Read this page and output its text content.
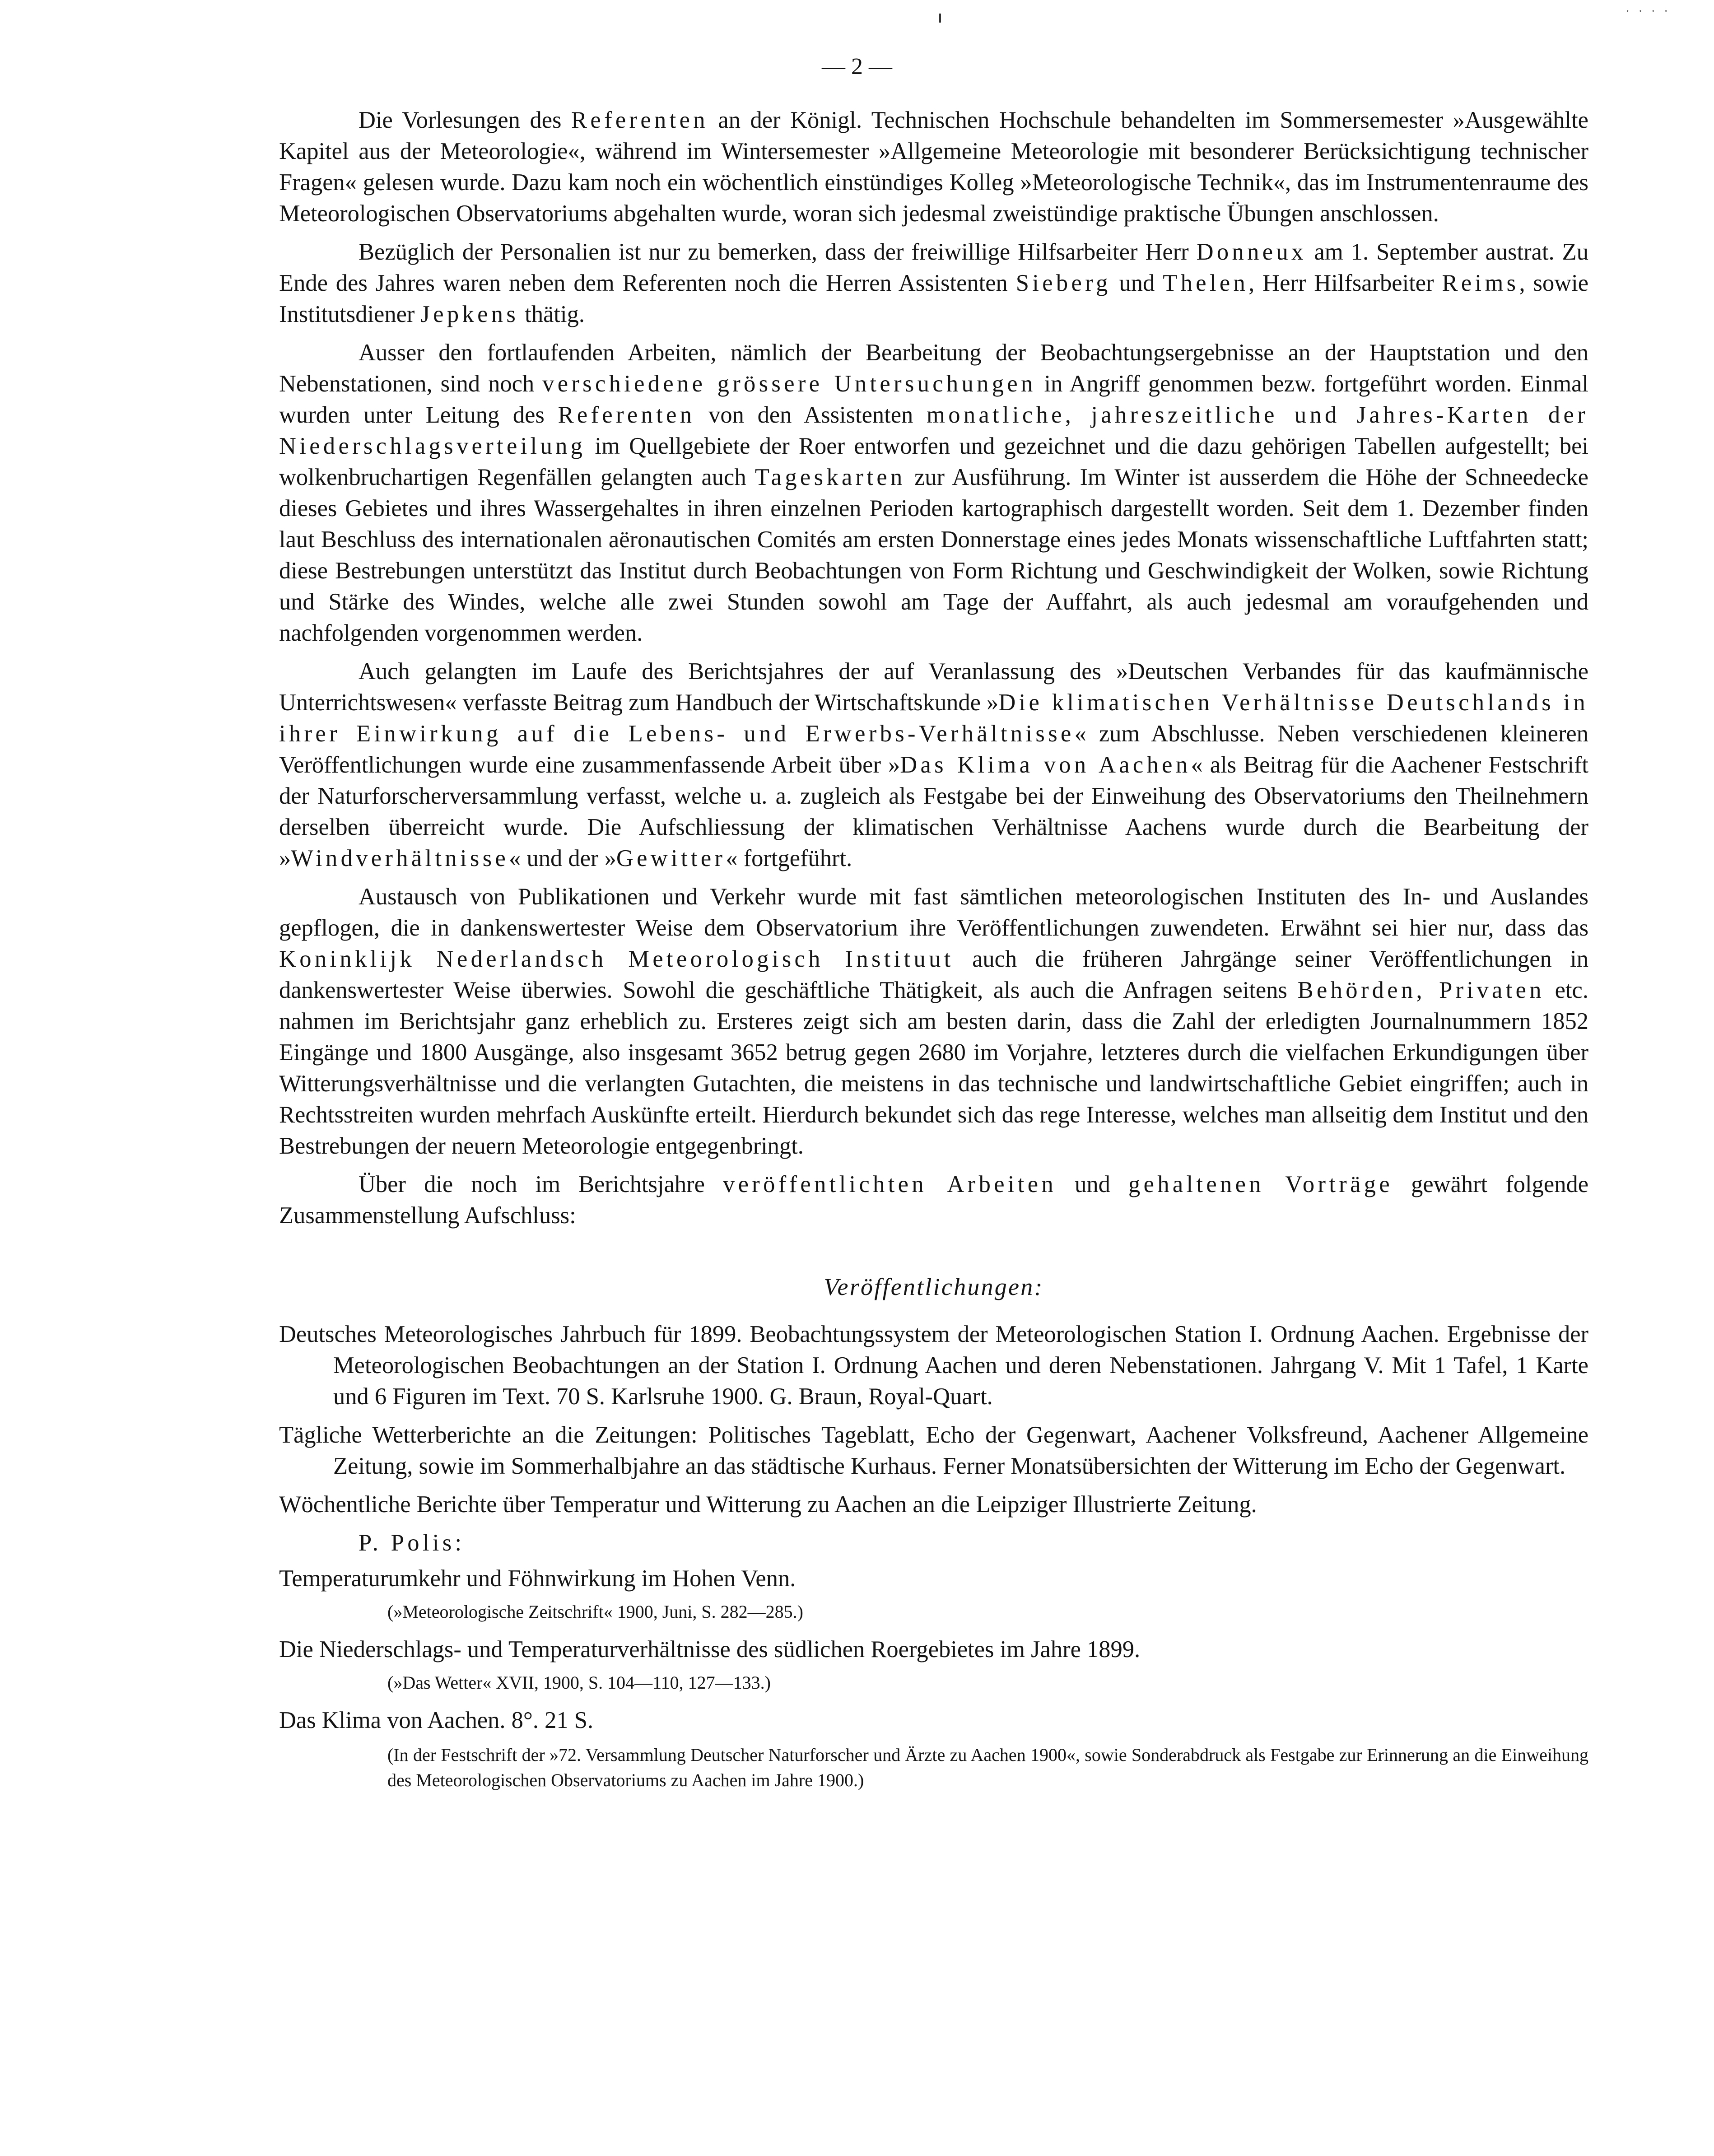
· · · ·
— 2 —

Die Vorlesungen des Referenten an der Königl. Technischen Hochschule behandelten im Sommersemester »Ausgewählte Kapitel aus der Meteorologie«, während im Wintersemester »Allgemeine Meteorologie mit besonderer Berücksichtigung technischer Fragen« gelesen wurde. Dazu kam noch ein wöchentlich einstündiges Kolleg »Meteorologische Technik«, das im Instrumentenraume des Meteorologischen Observatoriums abgehalten wurde, woran sich jedesmal zweistündige praktische Übungen anschlossen.

Bezüglich der Personalien ist nur zu bemerken, dass der freiwillige Hilfsarbeiter Herr Donneux am 1. September austrat. Zu Ende des Jahres waren neben dem Referenten noch die Herren Assistenten Sieberg und Thelen, Herr Hilfsarbeiter Reims, sowie Institutsdiener Jepkens thätig.

Ausser den fortlaufenden Arbeiten, nämlich der Bearbeitung der Beobachtungsergebnisse an der Hauptstation und den Nebenstationen, sind noch verschiedene grössere Untersuchungen in Angriff genommen bezw. fortgeführt worden. Einmal wurden unter Leitung des Referenten von den Assistenten monatliche, jahreszeitliche und Jahres-Karten der Niederschlagsverteilung im Quellgebiete der Roer entworfen und gezeichnet und die dazu gehörigen Tabellen aufgestellt; bei wolkenbruchartigen Regenfällen gelangten auch Tageskarten zur Ausführung. Im Winter ist ausserdem die Höhe der Schneedecke dieses Gebietes und ihres Wassergehaltes in ihren einzelnen Perioden kartographisch dargestellt worden. Seit dem 1. Dezember finden laut Beschluss des internationalen aëronautischen Comités am ersten Donnerstage eines jedes Monats wissenschaftliche Luftfahrten statt; diese Bestrebungen unterstützt das Institut durch Beobachtungen von Form Richtung und Geschwindigkeit der Wolken, sowie Richtung und Stärke des Windes, welche alle zwei Stunden sowohl am Tage der Auffahrt, als auch jedesmal am voraufgehenden und nachfolgenden vorgenommen werden.

Auch gelangten im Laufe des Berichtsjahres der auf Veranlassung des »Deutschen Verbandes für das kaufmännische Unterrichtswesen« verfasste Beitrag zum Handbuch der Wirtschaftskunde »Die klimatischen Verhältnisse Deutschlands in ihrer Einwirkung auf die Lebens- und Erwerbs-Verhältnisse« zum Abschlusse. Neben verschiedenen kleineren Veröffentlichungen wurde eine zusammenfassende Arbeit über »Das Klima von Aachen« als Beitrag für die Aachener Festschrift der Naturforscherversammlung verfasst, welche u. a. zugleich als Festgabe bei der Einweihung des Observatoriums den Theilnehmern derselben überreicht wurde. Die Aufschliessung der klimatischen Verhältnisse Aachens wurde durch die Bearbeitung der »Windverhältnisse« und der »Gewitter« fortgeführt.

Austausch von Publikationen und Verkehr wurde mit fast sämtlichen meteorologischen Instituten des In- und Auslandes gepflogen, die in dankenswertester Weise dem Observatorium ihre Veröffentlichungen zuwendeten. Erwähnt sei hier nur, dass das Koninklijk Nederlandsch Meteorologisch Instituut auch die früheren Jahrgänge seiner Veröffentlichungen in dankenswertester Weise überwies. Sowohl die geschäftliche Thätigkeit, als auch die Anfragen seitens Behörden, Privaten etc. nahmen im Berichtsjahr ganz erheblich zu. Ersteres zeigt sich am besten darin, dass die Zahl der erledigten Journalnummern 1852 Eingänge und 1800 Ausgänge, also insgesamt 3652 betrug gegen 2680 im Vorjahre, letzteres durch die vielfachen Erkundigungen über Witterungsverhältnisse und die verlangten Gutachten, die meistens in das technische und landwirtschaftliche Gebiet eingriffen; auch in Rechtsstreiten wurden mehrfach Auskünfte erteilt. Hierdurch bekundet sich das rege Interesse, welches man allseitig dem Institut und den Bestrebungen der neuern Meteorologie entgegenbringt.

Über die noch im Berichtsjahre veröffentlichten Arbeiten und gehaltenen Vorträge gewährt folgende Zusammenstellung Aufschluss:

Veröffentlichungen:

Deutsches Meteorologisches Jahrbuch für 1899. Beobachtungssystem der Meteorologischen Station I. Ordnung Aachen. Ergebnisse der Meteorologischen Beobachtungen an der Station I. Ordnung Aachen und deren Nebenstationen. Jahrgang V. Mit 1 Tafel, 1 Karte und 6 Figuren im Text. 70 S. Karlsruhe 1900. G. Braun, Royal-Quart.

Tägliche Wetterberichte an die Zeitungen: Politisches Tageblatt, Echo der Gegenwart, Aachener Volksfreund, Aachener Allgemeine Zeitung, sowie im Sommerhalbjahre an das städtische Kurhaus. Ferner Monatsübersichten der Witterung im Echo der Gegenwart.

Wöchentliche Berichte über Temperatur und Witterung zu Aachen an die Leipziger Illustrierte Zeitung.

P. Polis:

Temperaturumkehr und Föhnwirkung im Hohen Venn.

(»Meteorologische Zeitschrift« 1900, Juni, S. 282—285.)

Die Niederschlags- und Temperaturverhältnisse des südlichen Roergebietes im Jahre 1899.

(»Das Wetter« XVII, 1900, S. 104—110, 127—133.)

Das Klima von Aachen. 8°. 21 S.

(In der Festschrift der »72. Versammlung Deutscher Naturforscher und Ärzte zu Aachen 1900«, sowie Sonderabdruck als Festgabe zur Erinnerung an die Einweihung des Meteorologischen Observatoriums zu Aachen im Jahre 1900.)
